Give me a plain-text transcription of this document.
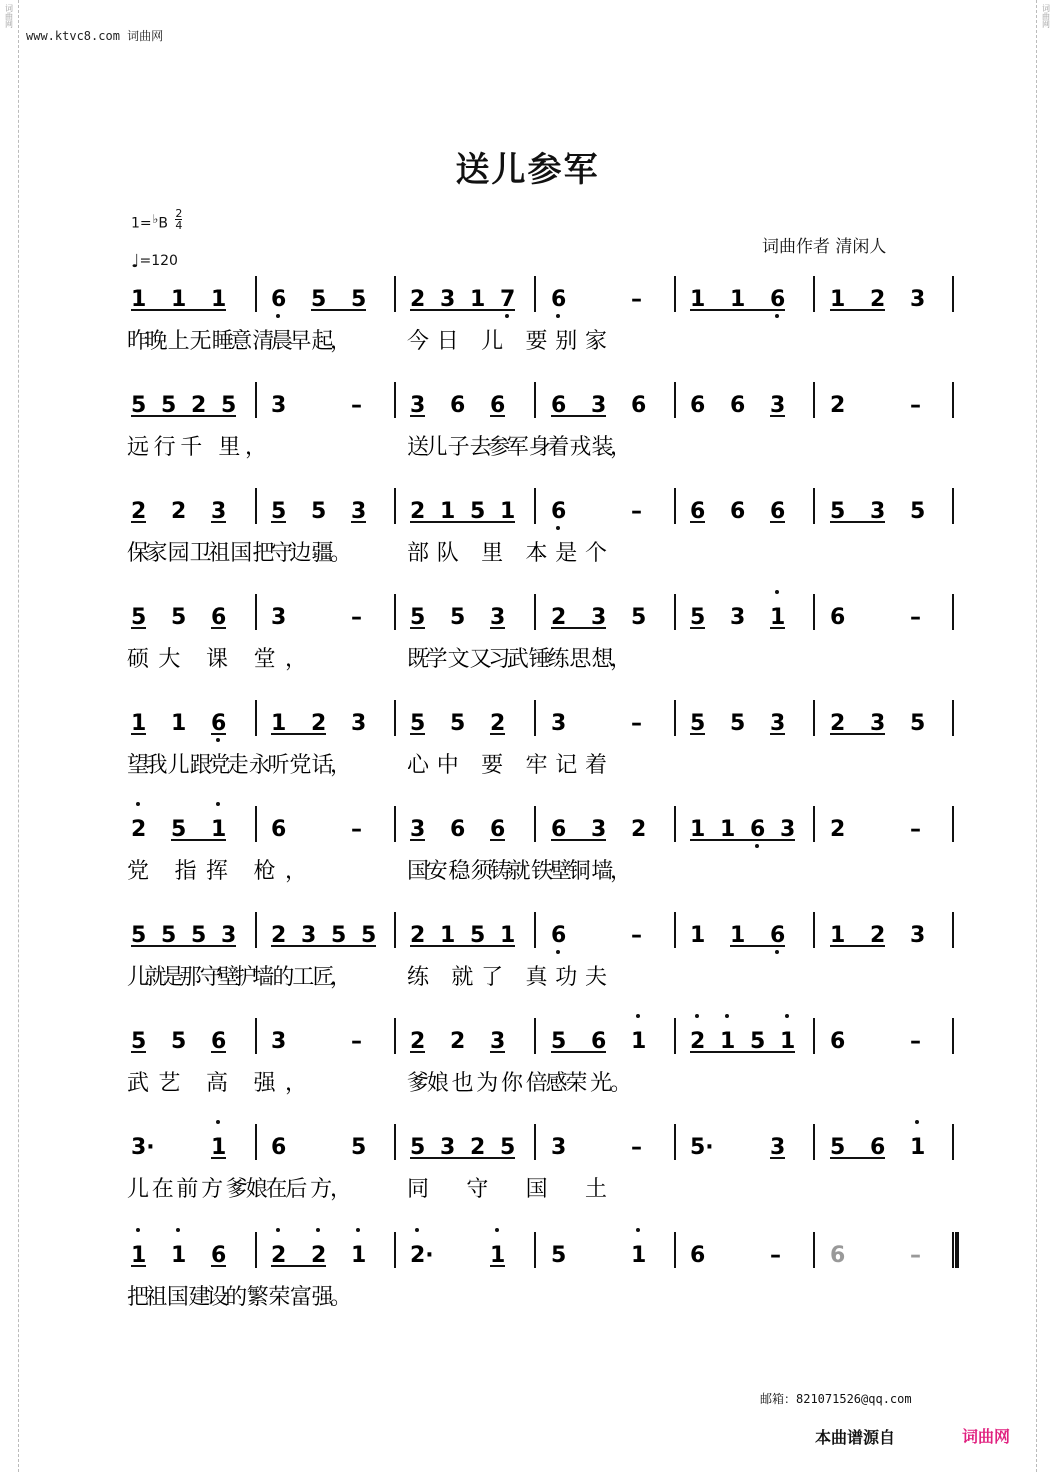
词曲网	词曲网
www.ktvc8.com 词曲网
送儿参军
1=♭B $\frac{2}{4}$
♩=120
词曲作者 清闲人
1 1 1 6 5 5 2 3 1 7 6	– 1 1 6 1 2 3
昨晚 上 无 睡意 清晨早 起，	今日 儿 要别家
5 5 2 5 3	– 3 6 6 6 3 6 6 6 3 2	–
远行千 里，	送儿 子 去参军 身着 戎 装，
2 2 3 5 5 3 2 1 5 1 6	– 6 6 6 5 3 5
保家 园 卫祖 国 把守边 疆。	部队 里 本是个
5 5 6 3	– 5 5 3 2 3 5 5 3 1 6	–
硕大 课 堂，	既学 文 又习武 锤练 思 想，
1 1 6 1 2 3 5 5 2 3	– 5 5 3 2 3 5
望我 儿 跟党走 永听 党 话，	心中 要 牢记着
2 5 1 6	– 3 6 6 6 3 2 1 1 6 3 2	–
党 指挥 枪，	国安 稳 须铸就 铁壁铜 墙，
5 5 5 3 2 3 5 5 2 1 5 1 6	– 1 1 6 1 2 3
儿就是那 守壁护墙 的 工 匠，	练 就了 真功夫
5 5 6 3	– 2 2 3 5 6 1 2 1 5 1 6	–
武艺 高 强，	爹娘 也 为 你 倍感荣 光。
3·	1 6	5 5 3 2 5 3	– 5·	3 5 6 1
儿 在 前 方 爹娘在后 方，	同 守 国 土
1 1 6 2 2 1 2·	1 5	1 6	– 6	–
把祖 国 建设的 繁 荣 富 强。
邮箱：821071526@qq.com
本曲谱源自	词曲网
